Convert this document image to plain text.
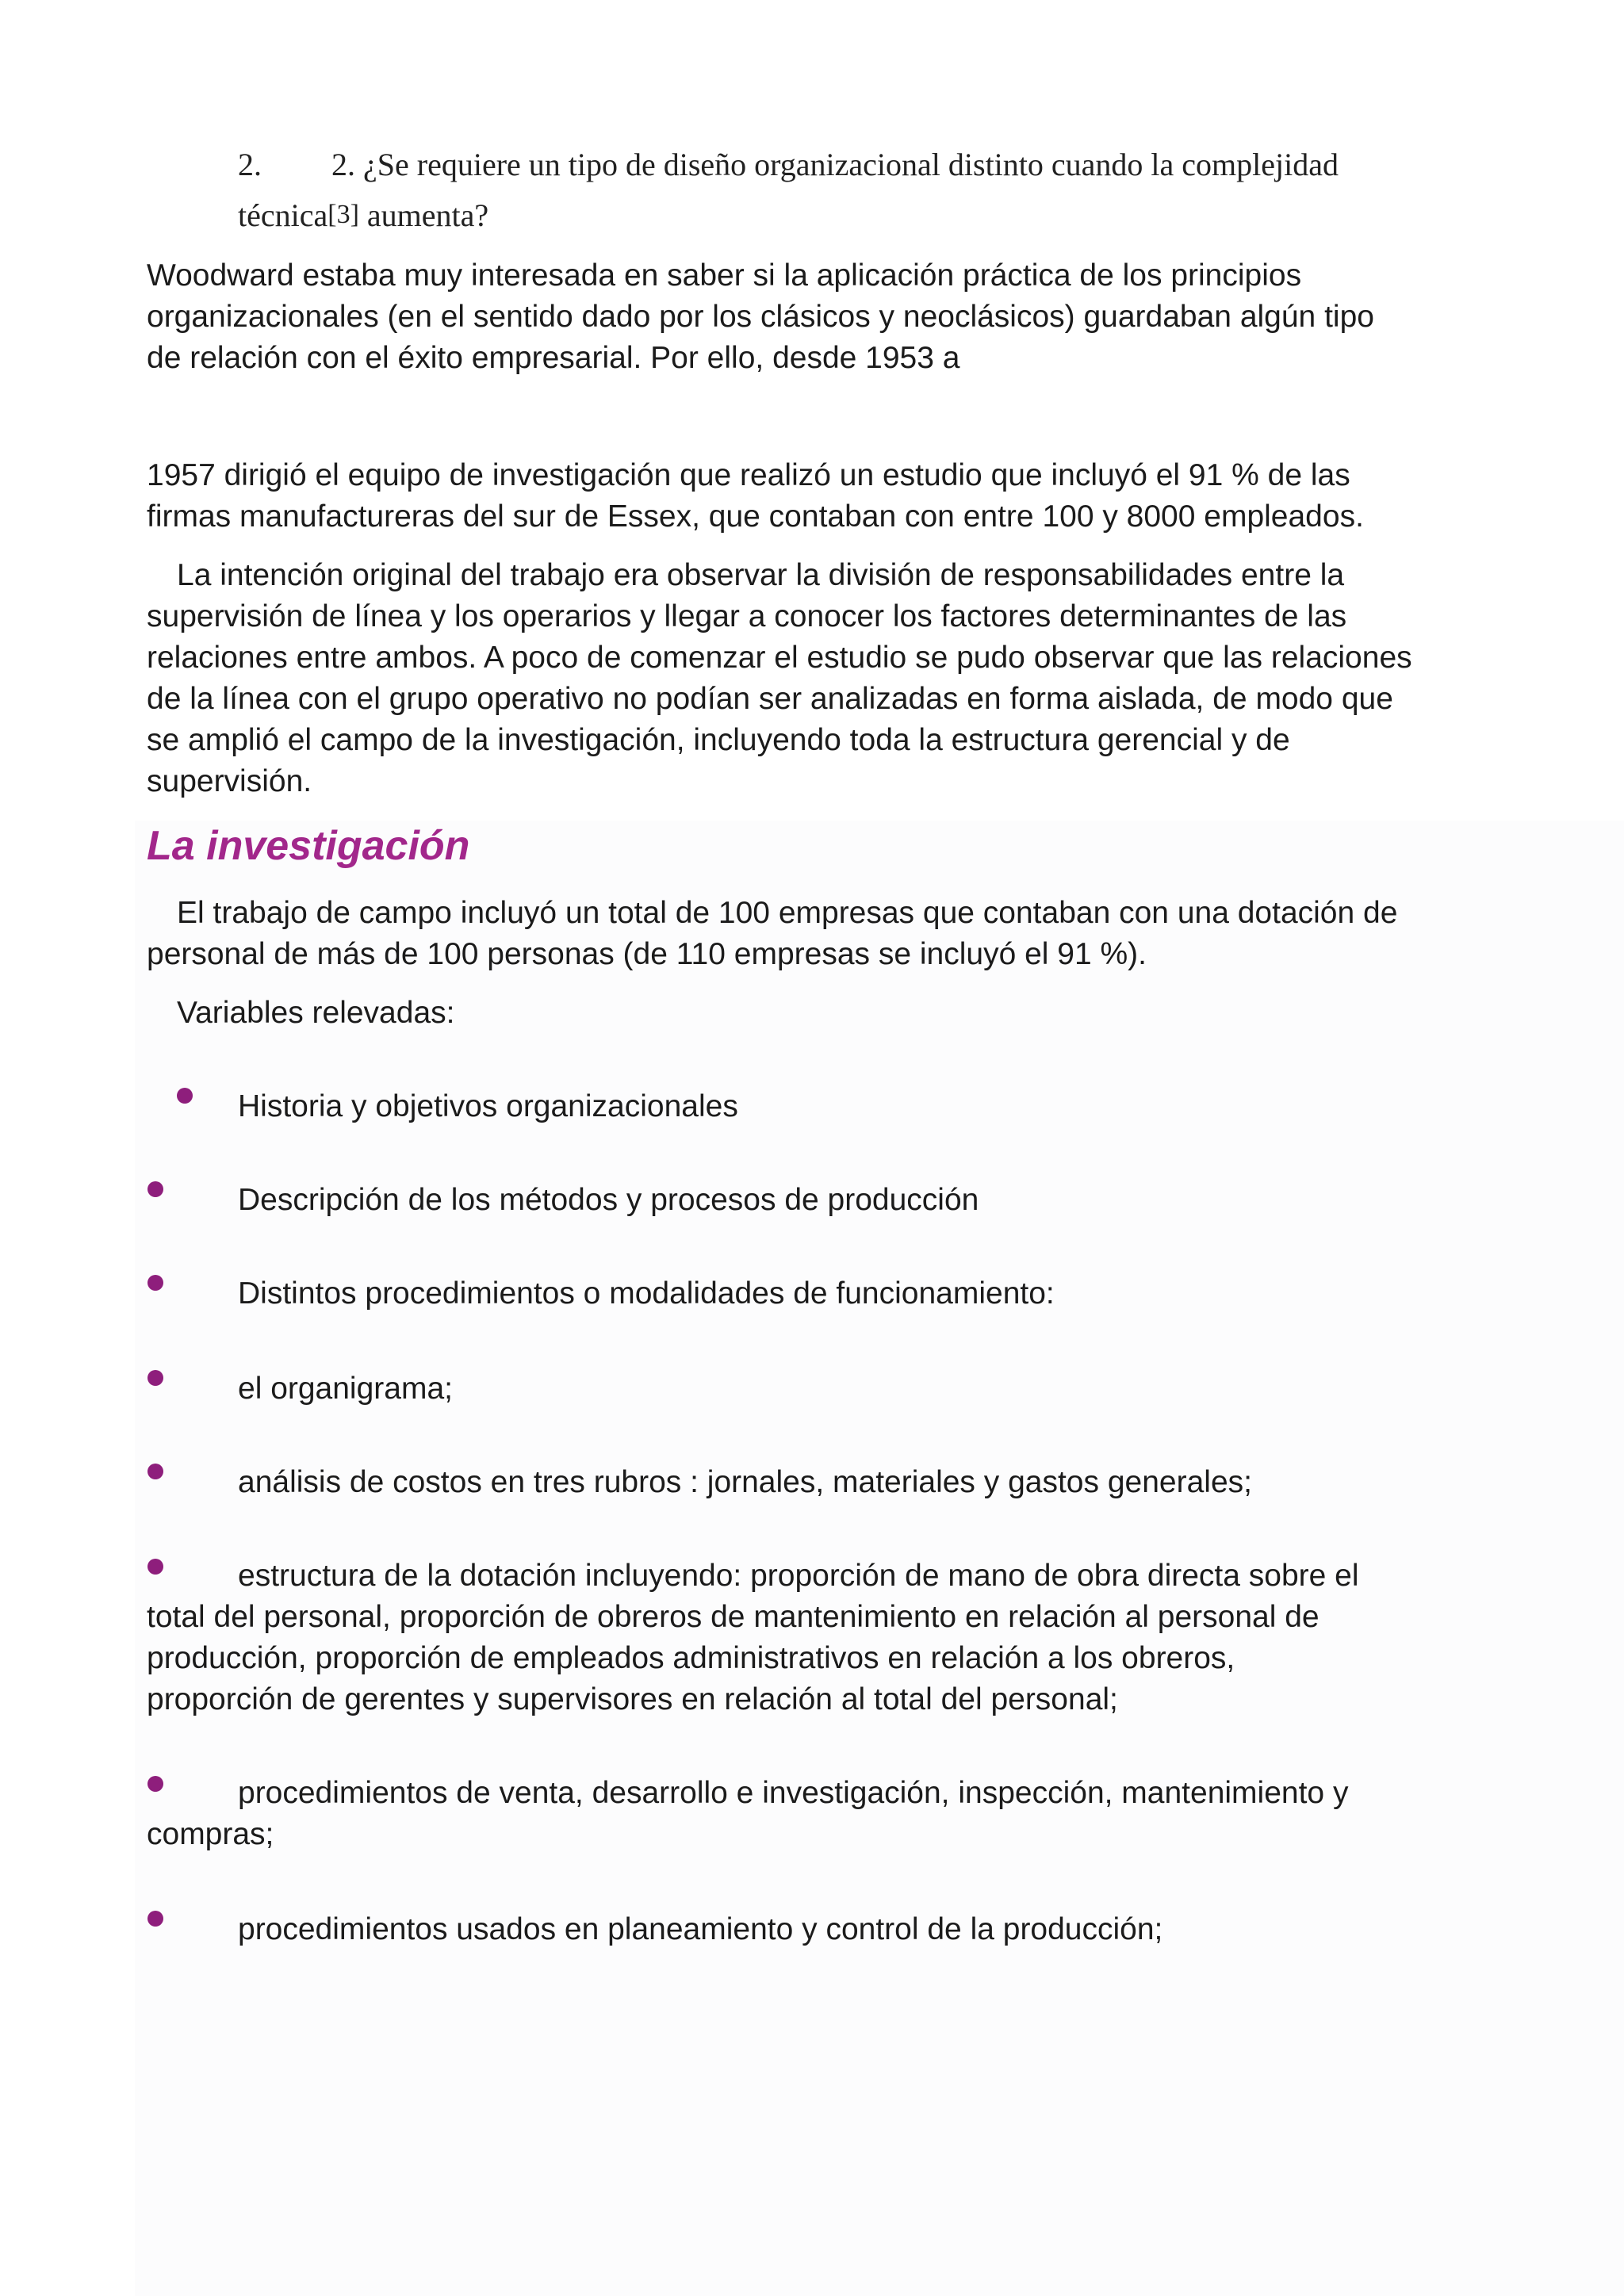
2. 2. ¿Se requiere un tipo de diseño organizacional distinto cuando la complejidad
técnica[3] aumenta?

Woodward estaba muy interesada en saber si la aplicación práctica de los principios organizacionales (en el sentido dado por los clásicos y neoclásicos) guardaban algún tipo de relación con el éxito empresarial. Por ello, desde 1953 a

1957 dirigió el equipo de investigación que realizó un estudio que incluyó el 91 % de las firmas manufactureras del sur de Essex, que contaban con entre 100 y 8000 empleados.

La intención original del trabajo era observar la división de responsabilidades entre la supervisión de línea y los operarios y llegar a conocer los factores determinantes de las relaciones entre ambos. A poco de comenzar el estudio se pudo observar que las relaciones de la línea con el grupo operativo no podían ser analizadas en forma aislada, de modo que se amplió el campo de la investigación, incluyendo toda la estructura gerencial y de supervisión.

La investigación

El trabajo de campo incluyó un total de 100 empresas que contaban con una dotación de personal de más de 100 personas (de 110 empresas se incluyó el 91 %).

Variables relevadas:

Historia y objetivos organizacionales
Descripción de los métodos y procesos de producción
Distintos procedimientos o modalidades de funcionamiento:
el organigrama;
análisis de costos en tres rubros : jornales, materiales y gastos generales;

estructura de la dotación incluyendo: proporción de mano de obra directa sobre el total del personal, proporción de obreros de mantenimiento en relación al personal de producción, proporción de empleados administrativos en relación a los obreros, proporción de gerentes y supervisores en relación al total del personal;

procedimientos de venta, desarrollo e investigación, inspección, mantenimiento y compras;

procedimientos usados en planeamiento y control de la producción;
